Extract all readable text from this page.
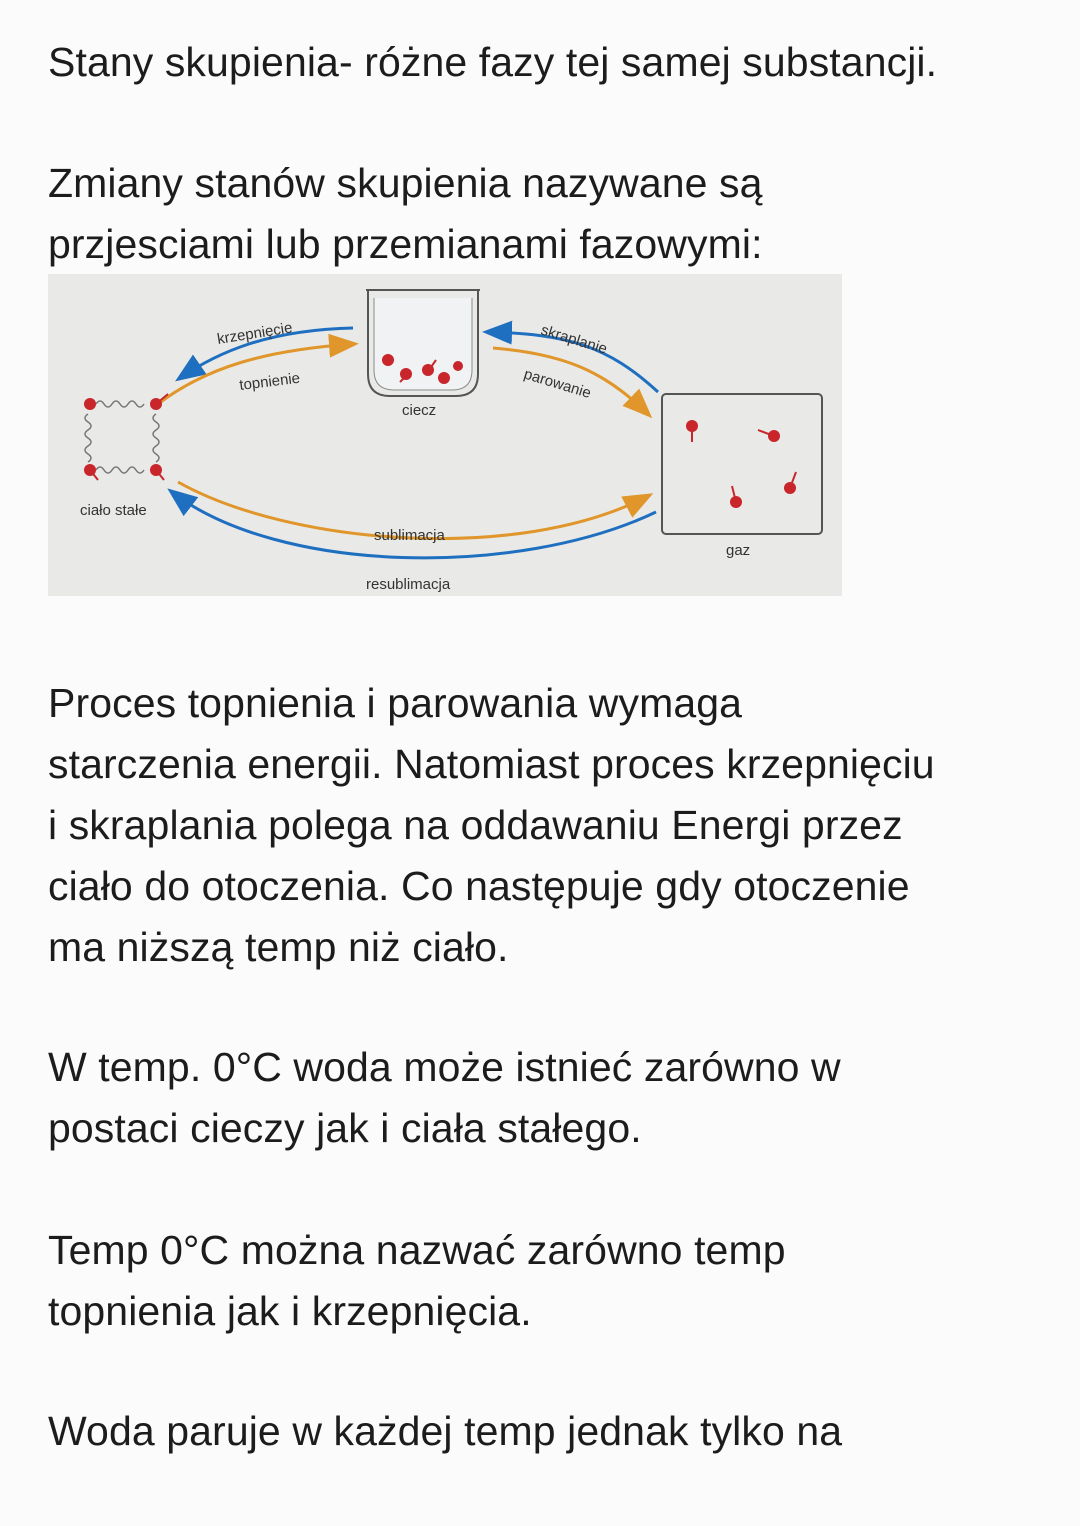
Stany skupienia- różne fazy tej samej substancji.
Zmiany stanów skupienia nazywane są
przjesciami lub przemianami fazowymi:
krzepnięcie
topnienie
ciecz
skraplanie
parowanie
ciało stałe
sublimacja
resublimacja
gaz
Proces topnienia i parowania wymaga
starczenia energii. Natomiast proces krzepnięciu
i skraplania polega na oddawaniu Energi przez
ciało do otoczenia. Co następuje gdy otoczenie
ma niższą temp niż ciało.
W temp. 0°C woda może istnieć zarówno w
postaci cieczy jak i ciała stałego.
Temp 0°C można nazwać zarówno temp
topnienia jak i krzepnięcia.
Woda paruje w każdej temp jednak tylko na
